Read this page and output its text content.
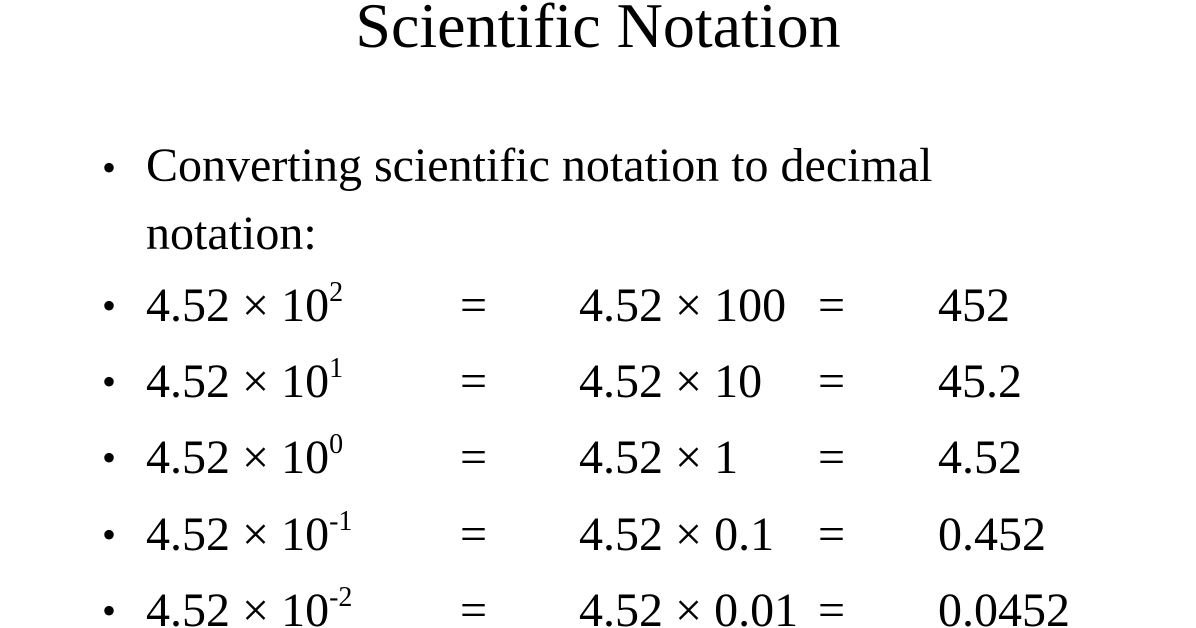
Scientific Notation
• Converting scientific notation to decimal
notation:
• $4.52 \times 10^2 = 4.52 \times 100 = 452$
• $4.52 \times 10^1 = 4.52 \times 10 = 45.2$
• $4.52 \times 10^0 = 4.52 \times 1 = 4.52$
• $4.52 \times 10^{-1} = 4.52 \times 0.1 = 0.452$
• $4.52 \times 10^{-2} = 4.52 \times 0.01 = 0.0452$
